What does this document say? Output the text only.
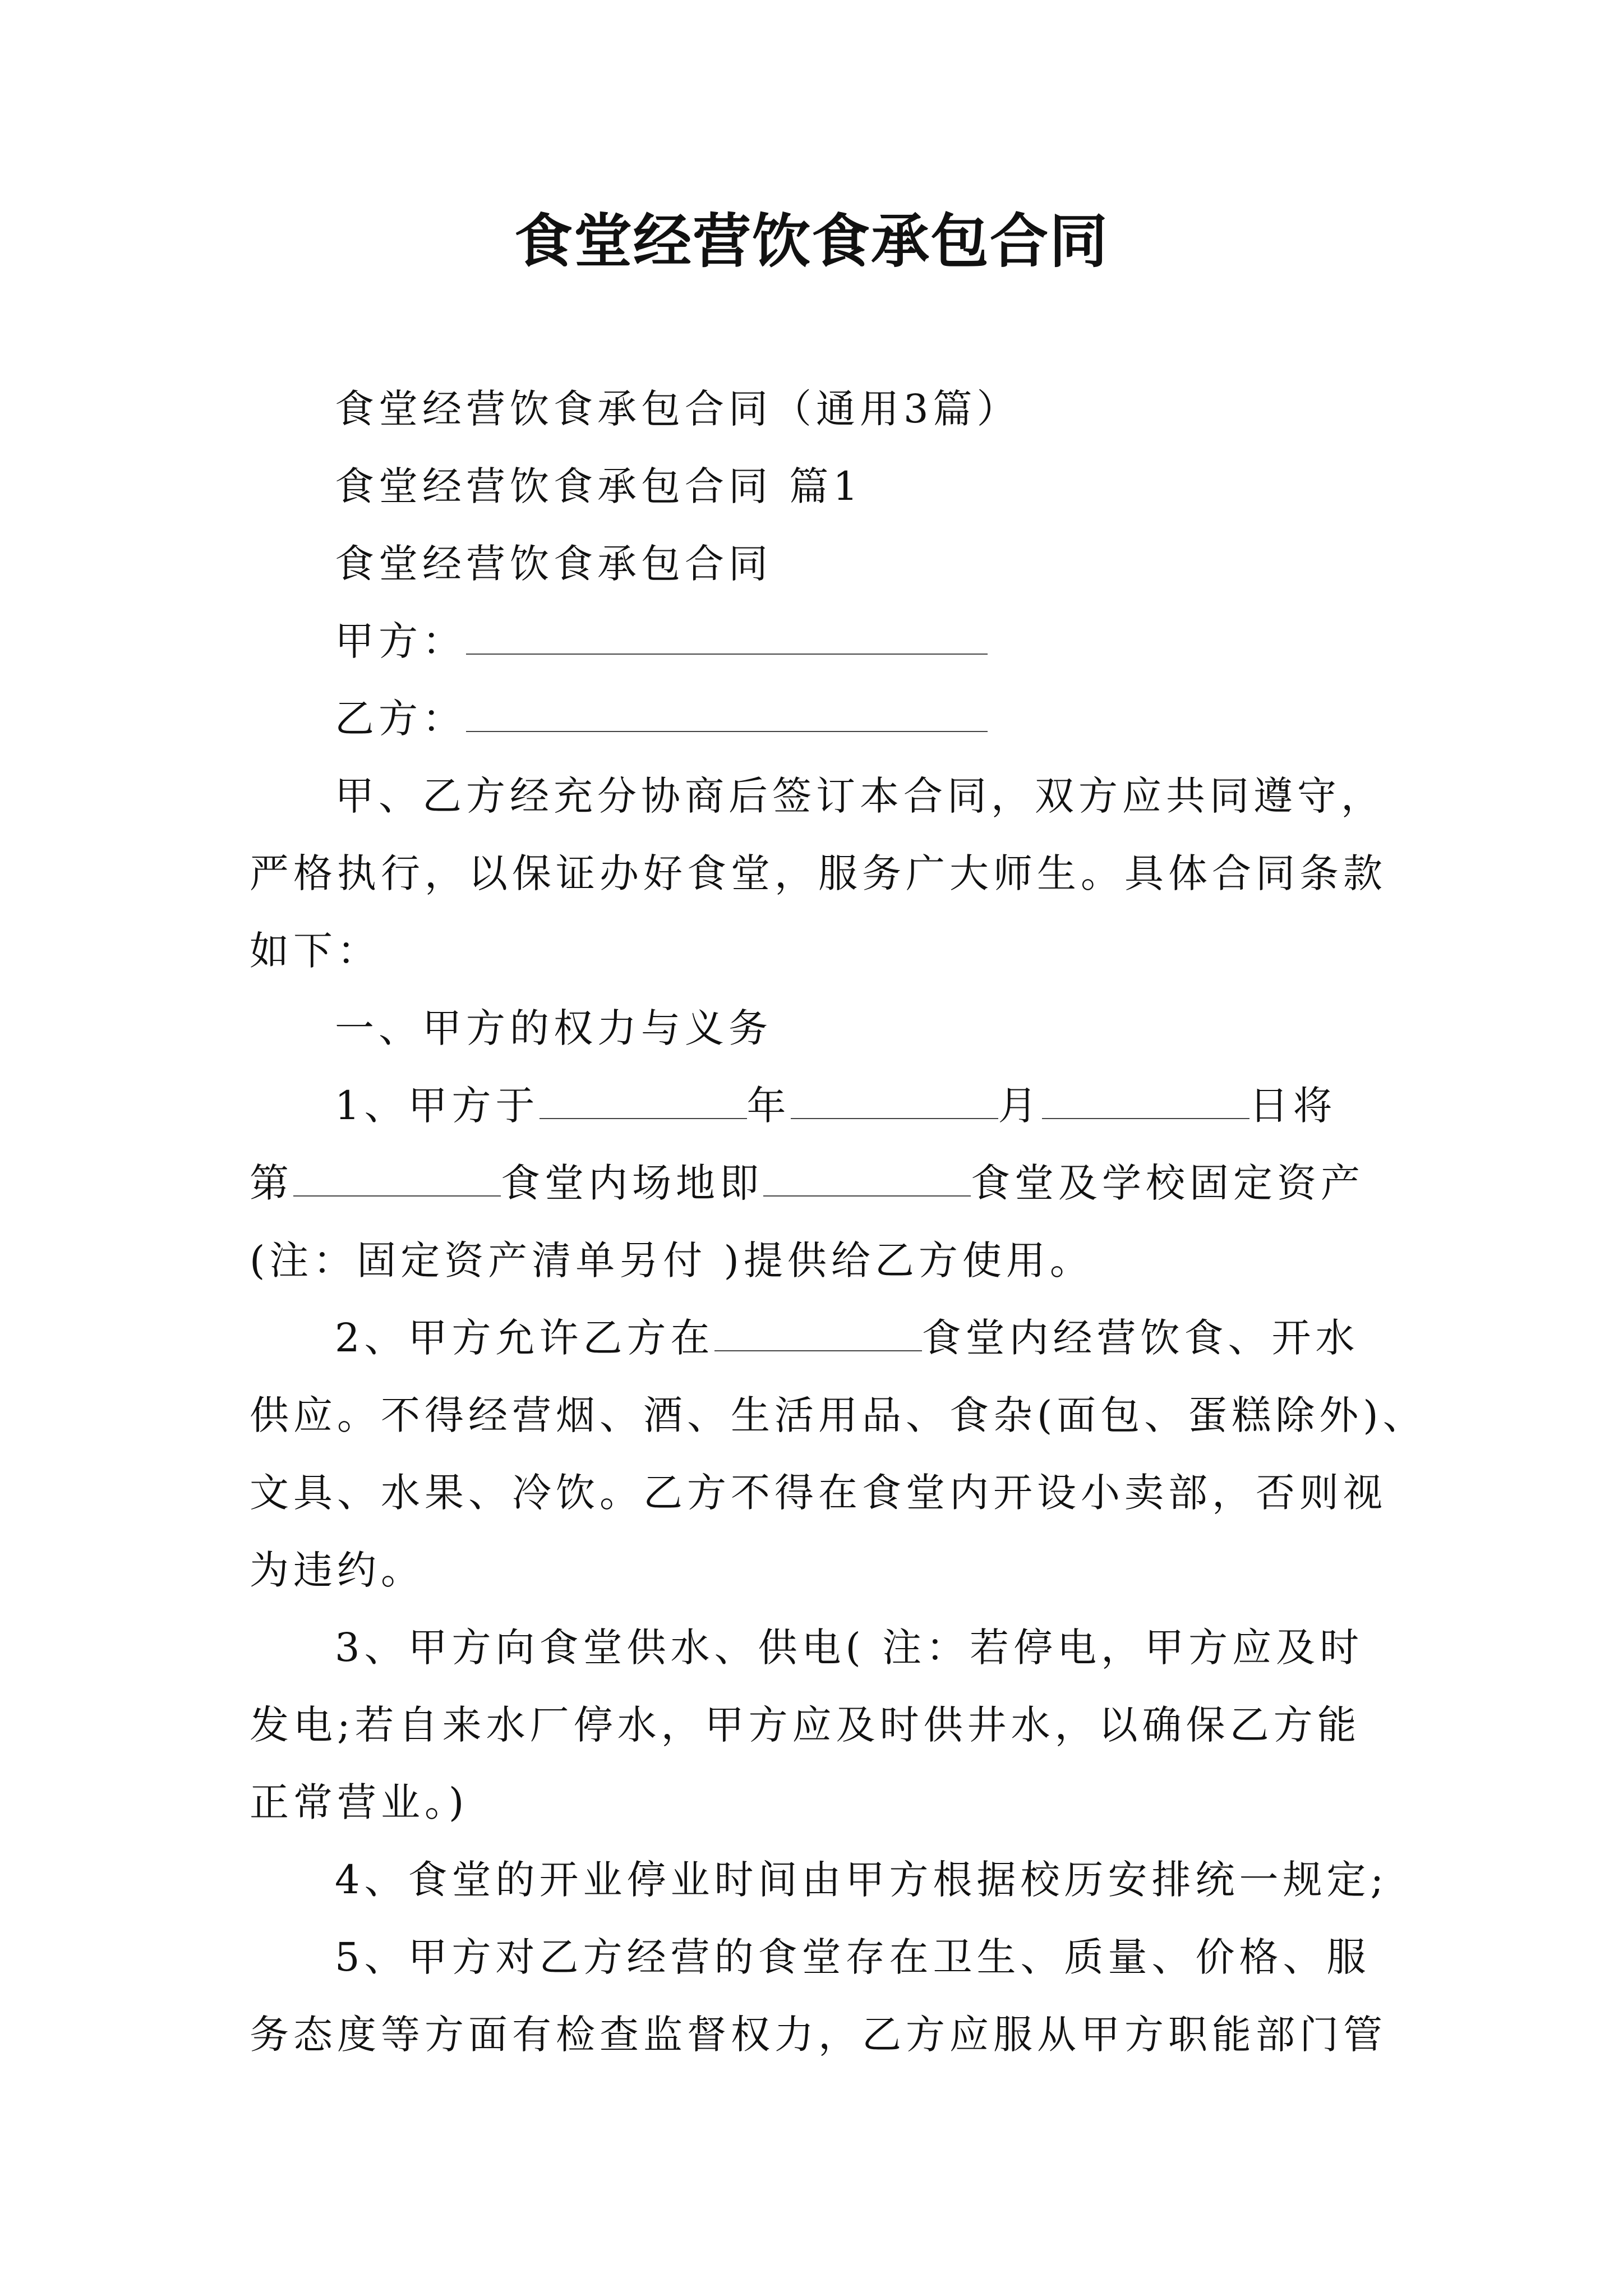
食堂经营饮食承包合同
食堂经营饮食承包合同（通用3篇）
食堂经营饮食承包合同 篇1
食堂经营饮食承包合同
甲方：
乙方：
甲、乙方经充分协商后签订本合同，双方应共同遵守，
严格执行，以保证办好食堂，服务广大师生。具体合同条款
如下：
一、甲方的权力与义务
1、甲方于	年	月	日将
第	食堂内场地即	食堂及学校固定资产
(注：固定资产清单另付 )提供给乙方使用。
2、甲方允许乙方在	食堂内经营饮食、开水
供应。不得经营烟、酒、生活用品、食杂(面包、蛋糕除外)、
文具、水果、冷饮。乙方不得在食堂内开设小卖部，否则视
为违约。
3、甲方向食堂供水、供电( 注：若停电，甲方应及时
发电;若自来水厂停水，甲方应及时供井水，以确保乙方能
正常营业。)
4、食堂的开业停业时间由甲方根据校历安排统一规定;
5、甲方对乙方经营的食堂存在卫生、质量、价格、服
务态度等方面有检查监督权力，乙方应服从甲方职能部门管
